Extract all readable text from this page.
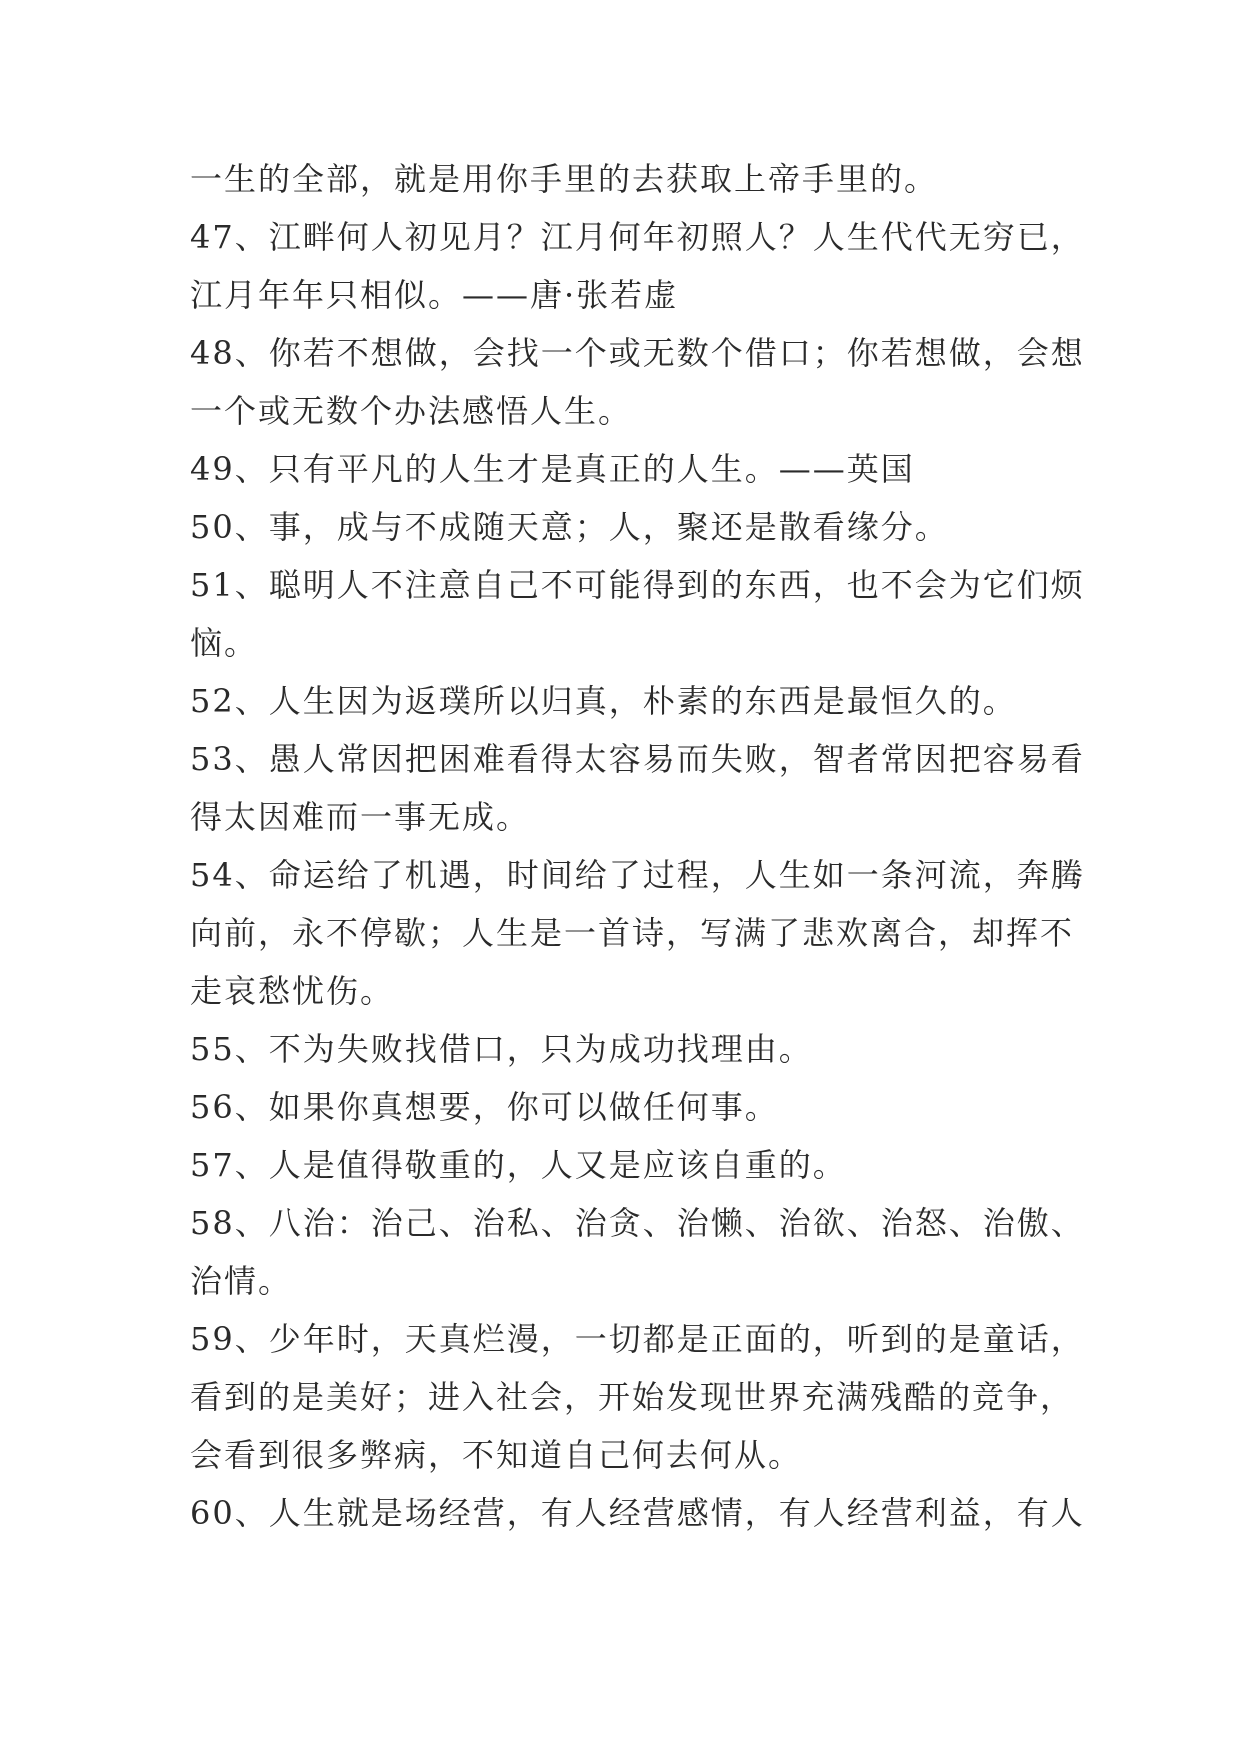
一生的全部，就是用你手里的去获取上帝手里的。
47、江畔何人初见月？江月何年初照人？人生代代无穷已，
江月年年只相似。——唐·张若虚
48、你若不想做，会找一个或无数个借口；你若想做，会想
一个或无数个办法感悟人生。
49、只有平凡的人生才是真正的人生。——英国
50、事，成与不成随天意；人，聚还是散看缘分。
51、聪明人不注意自己不可能得到的东西，也不会为它们烦
恼。
52、人生因为返璞所以归真，朴素的东西是最恒久的。
53、愚人常因把困难看得太容易而失败，智者常因把容易看
得太因难而一事无成。
54、命运给了机遇，时间给了过程，人生如一条河流，奔腾
向前，永不停歇；人生是一首诗，写满了悲欢离合，却挥不
走哀愁忧伤。
55、不为失败找借口，只为成功找理由。
56、如果你真想要，你可以做任何事。
57、人是值得敬重的，人又是应该自重的。
58、八治：治己、治私、治贪、治懒、治欲、治怒、治傲、
治情。
59、少年时，天真烂漫，一切都是正面的，听到的是童话，
看到的是美好；进入社会，开始发现世界充满残酷的竞争，
会看到很多弊病，不知道自己何去何从。
60、人生就是场经营，有人经营感情，有人经营利益，有人
